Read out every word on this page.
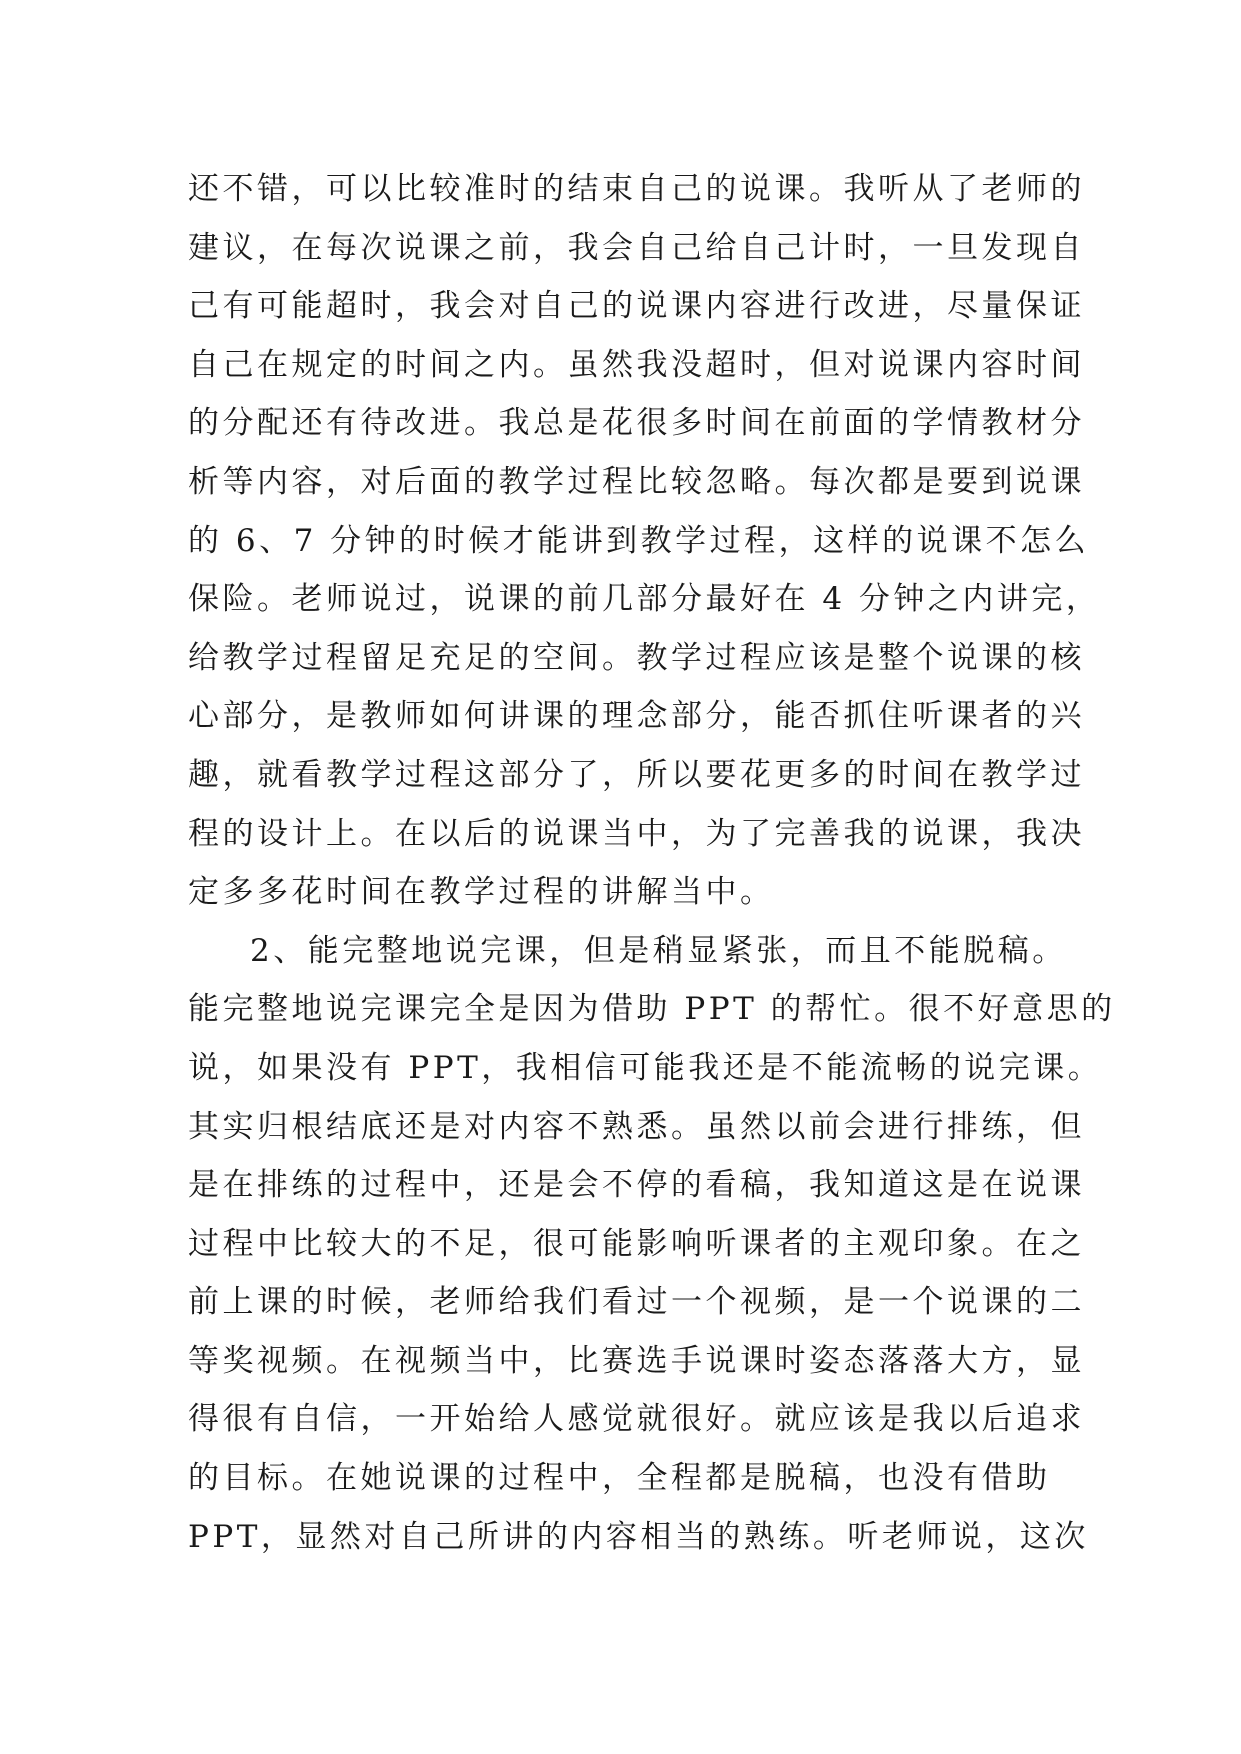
还不错，可以比较准时的结束自己的说课。我听从了老师的
建议，在每次说课之前，我会自己给自己计时，一旦发现自
己有可能超时，我会对自己的说课内容进行改进，尽量保证
自己在规定的时间之内。虽然我没超时，但对说课内容时间
的分配还有待改进。我总是花很多时间在前面的学情教材分
析等内容，对后面的教学过程比较忽略。每次都是要到说课
的 6、7 分钟的时候才能讲到教学过程，这样的说课不怎么
保险。老师说过，说课的前几部分最好在 4 分钟之内讲完，
给教学过程留足充足的空间。教学过程应该是整个说课的核
心部分，是教师如何讲课的理念部分，能否抓住听课者的兴
趣，就看教学过程这部分了，所以要花更多的时间在教学过
程的设计上。在以后的说课当中，为了完善我的说课，我决
定多多花时间在教学过程的讲解当中。
2、能完整地说完课，但是稍显紧张，而且不能脱稿。
能完整地说完课完全是因为借助 PPT 的帮忙。很不好意思的
说，如果没有 PPT，我相信可能我还是不能流畅的说完课。
其实归根结底还是对内容不熟悉。虽然以前会进行排练，但
是在排练的过程中，还是会不停的看稿，我知道这是在说课
过程中比较大的不足，很可能影响听课者的主观印象。在之
前上课的时候，老师给我们看过一个视频，是一个说课的二
等奖视频。在视频当中，比赛选手说课时姿态落落大方，显
得很有自信，一开始给人感觉就很好。就应该是我以后追求
的目标。在她说课的过程中，全程都是脱稿，也没有借助
PPT，显然对自己所讲的内容相当的熟练。听老师说，这次
